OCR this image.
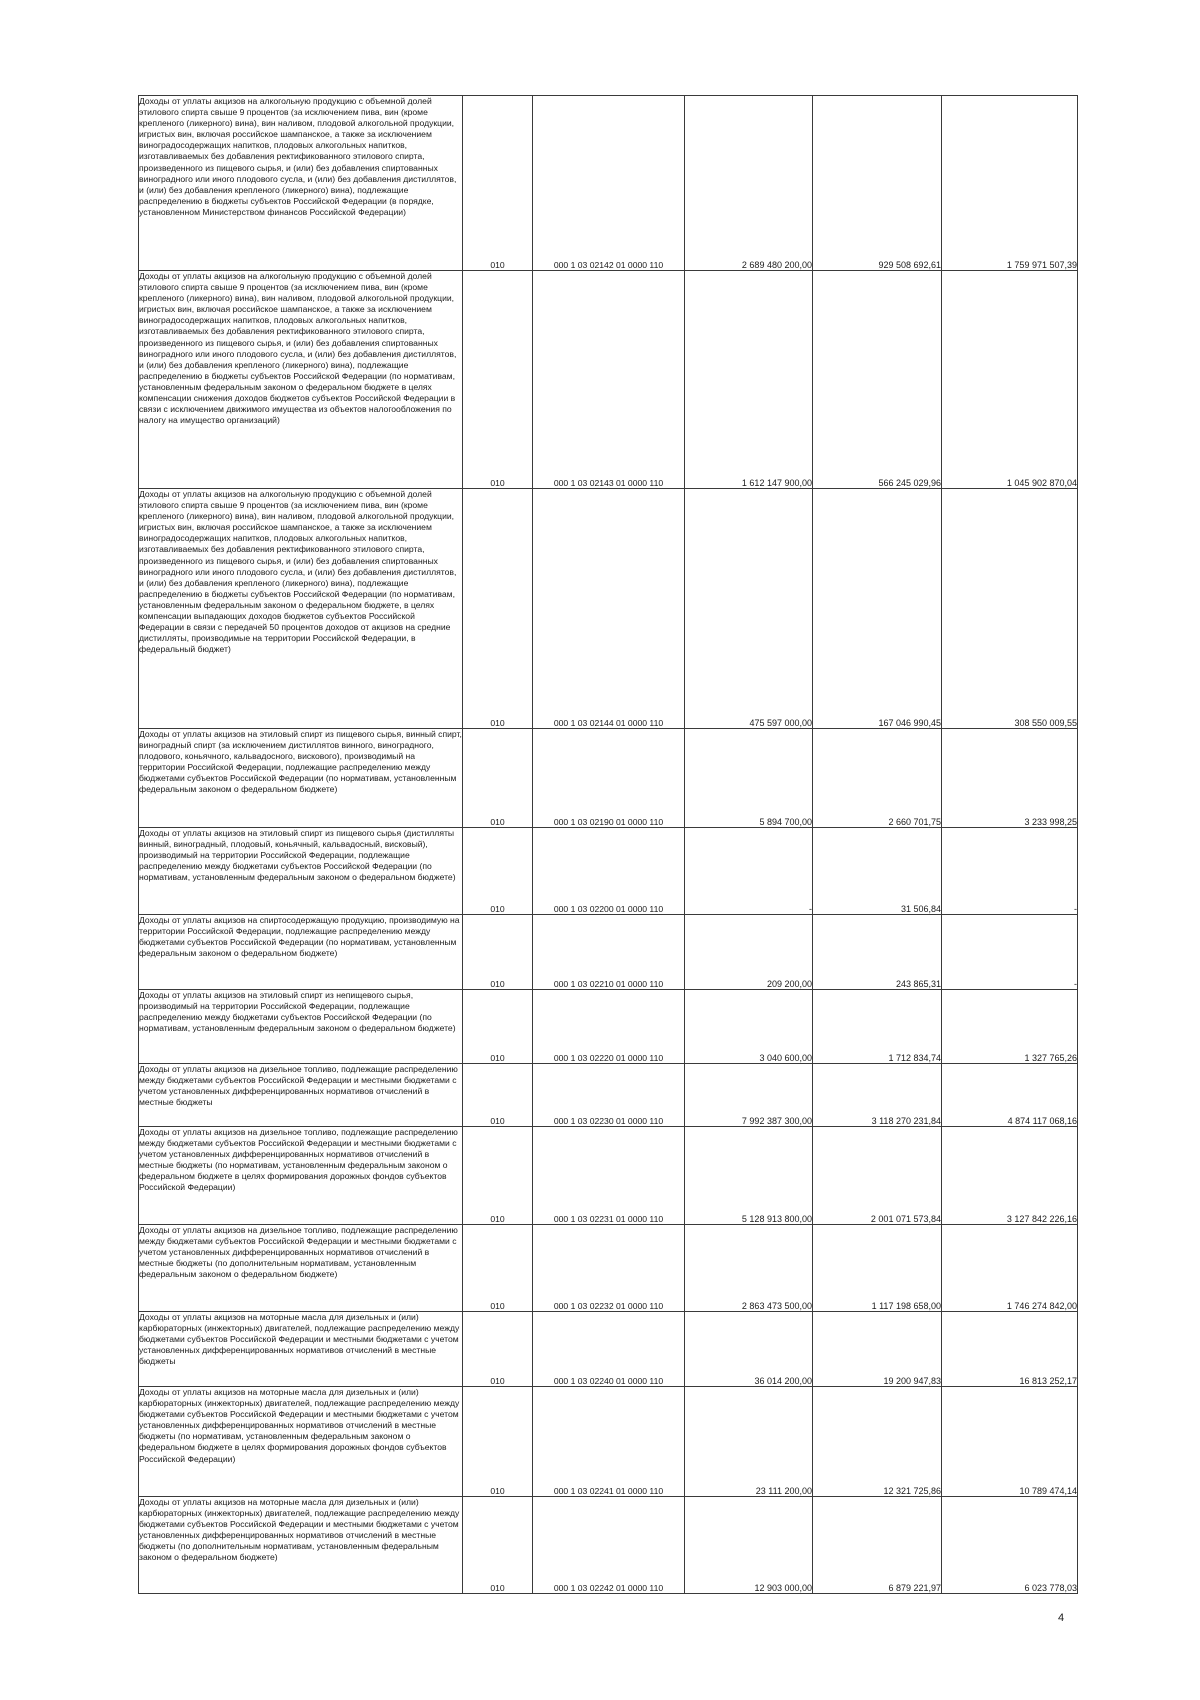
Доходы от уплаты акцизов на алкогольную продукцию с объемной долей этилового спирта свыше 9 процентов (за исключением пива, вин (кроме крепленого (ликерного) вина), вин наливом, плодовой алкогольной продукции, игристых вин, включая российское шампанское, а также за исключением виноградосодержащих напитков, плодовых алкогольных напитков, изготавливаемых без добавления ректификованного этилового спирта, произведенного из пищевого сырья, и (или) без добавления спиртованных виноградного или иного плодового сусла, и (или) без добавления дистиллятов, и (или) без добавления крепленого (ликерного) вина), подлежащие распределению в бюджеты субъектов Российской Федерации (в порядке, установленном Министерством финансов Российской Федерации)	010	000 1 03 02142 01 0000 110	2 689 480 200,00	929 508 692,61	1 759 971 507,39
Доходы от уплаты акцизов на алкогольную продукцию с объемной долей этилового спирта свыше 9 процентов (за исключением пива, вин (кроме крепленого (ликерного) вина), вин наливом, плодовой алкогольной продукции, игристых вин, включая российское шампанское, а также за исключением виноградосодержащих напитков, плодовых алкогольных напитков, изготавливаемых без добавления ректификованного этилового спирта, произведенного из пищевого сырья, и (или) без добавления спиртованных виноградного или иного плодового сусла, и (или) без добавления дистиллятов, и (или) без добавления крепленого (ликерного) вина), подлежащие распределению в бюджеты субъектов Российской Федерации (по нормативам, установленным федеральным законом о федеральном бюджете в целях компенсации снижения доходов бюджетов субъектов Российской Федерации в связи с исключением движимого имущества из объектов налогообложения по налогу на имущество организаций)	010	000 1 03 02143 01 0000 110	1 612 147 900,00	566 245 029,96	1 045 902 870,04
Доходы от уплаты акцизов на алкогольную продукцию с объемной долей этилового спирта свыше 9 процентов (за исключением пива, вин (кроме крепленого (ликерного) вина), вин наливом, плодовой алкогольной продукции, игристых вин, включая российское шампанское, а также за исключением виноградосодержащих напитков, плодовых алкогольных напитков, изготавливаемых без добавления ректификованного этилового спирта, произведенного из пищевого сырья, и (или) без добавления спиртованных виноградного или иного плодового сусла, и (или) без добавления дистиллятов, и (или) без добавления крепленого (ликерного) вина), подлежащие распределению в бюджеты субъектов Российской Федерации (по нормативам, установленным федеральным законом о федеральном бюджете, в целях компенсации выпадающих доходов бюджетов субъектов Российской Федерации в связи с передачей 50 процентов доходов от акцизов на средние дистилляты, производимые на территории Российской Федерации, в федеральный бюджет)	010	000 1 03 02144 01 0000 110	475 597 000,00	167 046 990,45	308 550 009,55
Доходы от уплаты акцизов на этиловый спирт из пищевого сырья, винный спирт, виноградный спирт (за исключением дистиллятов винного, виноградного, плодового, коньячного, кальвадосного, вискового), производимый на территории Российской Федерации, подлежащие распределению между бюджетами субъектов Российской Федерации (по нормативам, установленным федеральным законом о федеральном бюджете)	010	000 1 03 02190 01 0000 110	5 894 700,00	2 660 701,75	3 233 998,25
Доходы от уплаты акцизов на этиловый спирт из пищевого сырья (дистилляты винный, виноградный, плодовый, коньячный, кальвадосный, висковый), производимый на территории Российской Федерации, подлежащие распределению между бюджетами субъектов Российской Федерации (по нормативам, установленным федеральным законом о федеральном бюджете)	010	000 1 03 02200 01 0000 110	-	31 506,84	-
Доходы от уплаты акцизов на спиртосодержащую продукцию, производимую на территории Российской Федерации, подлежащие распределению между бюджетами субъектов Российской Федерации (по нормативам, установленным федеральным законом о федеральном бюджете)	010	000 1 03 02210 01 0000 110	209 200,00	243 865,31	-
Доходы от уплаты акцизов на этиловый спирт из непищевого сырья, производимый на территории Российской Федерации, подлежащие распределению между бюджетами субъектов Российской Федерации (по нормативам, установленным федеральным законом о федеральном бюджете)	010	000 1 03 02220 01 0000 110	3 040 600,00	1 712 834,74	1 327 765,26
Доходы от уплаты акцизов на дизельное топливо, подлежащие распределению между бюджетами субъектов Российской Федерации и местными бюджетами с учетом установленных дифференцированных нормативов отчислений в местные бюджеты	010	000 1 03 02230 01 0000 110	7 992 387 300,00	3 118 270 231,84	4 874 117 068,16
Доходы от уплаты акцизов на дизельное топливо, подлежащие распределению между бюджетами субъектов Российской Федерации и местными бюджетами с учетом установленных дифференцированных нормативов отчислений в местные бюджеты (по нормативам, установленным федеральным законом о федеральном бюджете в целях формирования дорожных фондов субъектов Российской Федерации)	010	000 1 03 02231 01 0000 110	5 128 913 800,00	2 001 071 573,84	3 127 842 226,16
Доходы от уплаты акцизов на дизельное топливо, подлежащие распределению между бюджетами субъектов Российской Федерации и местными бюджетами с учетом установленных дифференцированных нормативов отчислений в местные бюджеты (по дополнительным нормативам, установленным федеральным законом о федеральном бюджете)	010	000 1 03 02232 01 0000 110	2 863 473 500,00	1 117 198 658,00	1 746 274 842,00
Доходы от уплаты акцизов на моторные масла для дизельных и (или) карбюраторных (инжекторных) двигателей, подлежащие распределению между бюджетами субъектов Российской Федерации и местными бюджетами с учетом установленных дифференцированных нормативов отчислений в местные бюджеты	010	000 1 03 02240 01 0000 110	36 014 200,00	19 200 947,83	16 813 252,17
Доходы от уплаты акцизов на моторные масла для дизельных и (или) карбюраторных (инжекторных) двигателей, подлежащие распределению между бюджетами субъектов Российской Федерации и местными бюджетами с учетом установленных дифференцированных нормативов отчислений в местные бюджеты (по нормативам, установленным федеральным законом о федеральном бюджете в целях формирования дорожных фондов субъектов Российской Федерации)	010	000 1 03 02241 01 0000 110	23 111 200,00	12 321 725,86	10 789 474,14
Доходы от уплаты акцизов на моторные масла для дизельных и (или) карбюраторных (инжекторных) двигателей, подлежащие распределению между бюджетами субъектов Российской Федерации и местными бюджетами с учетом установленных дифференцированных нормативов отчислений в местные бюджеты (по дополнительным нормативам, установленным федеральным законом о федеральном бюджете)	010	000 1 03 02242 01 0000 110	12 903 000,00	6 879 221,97	6 023 778,03
4
